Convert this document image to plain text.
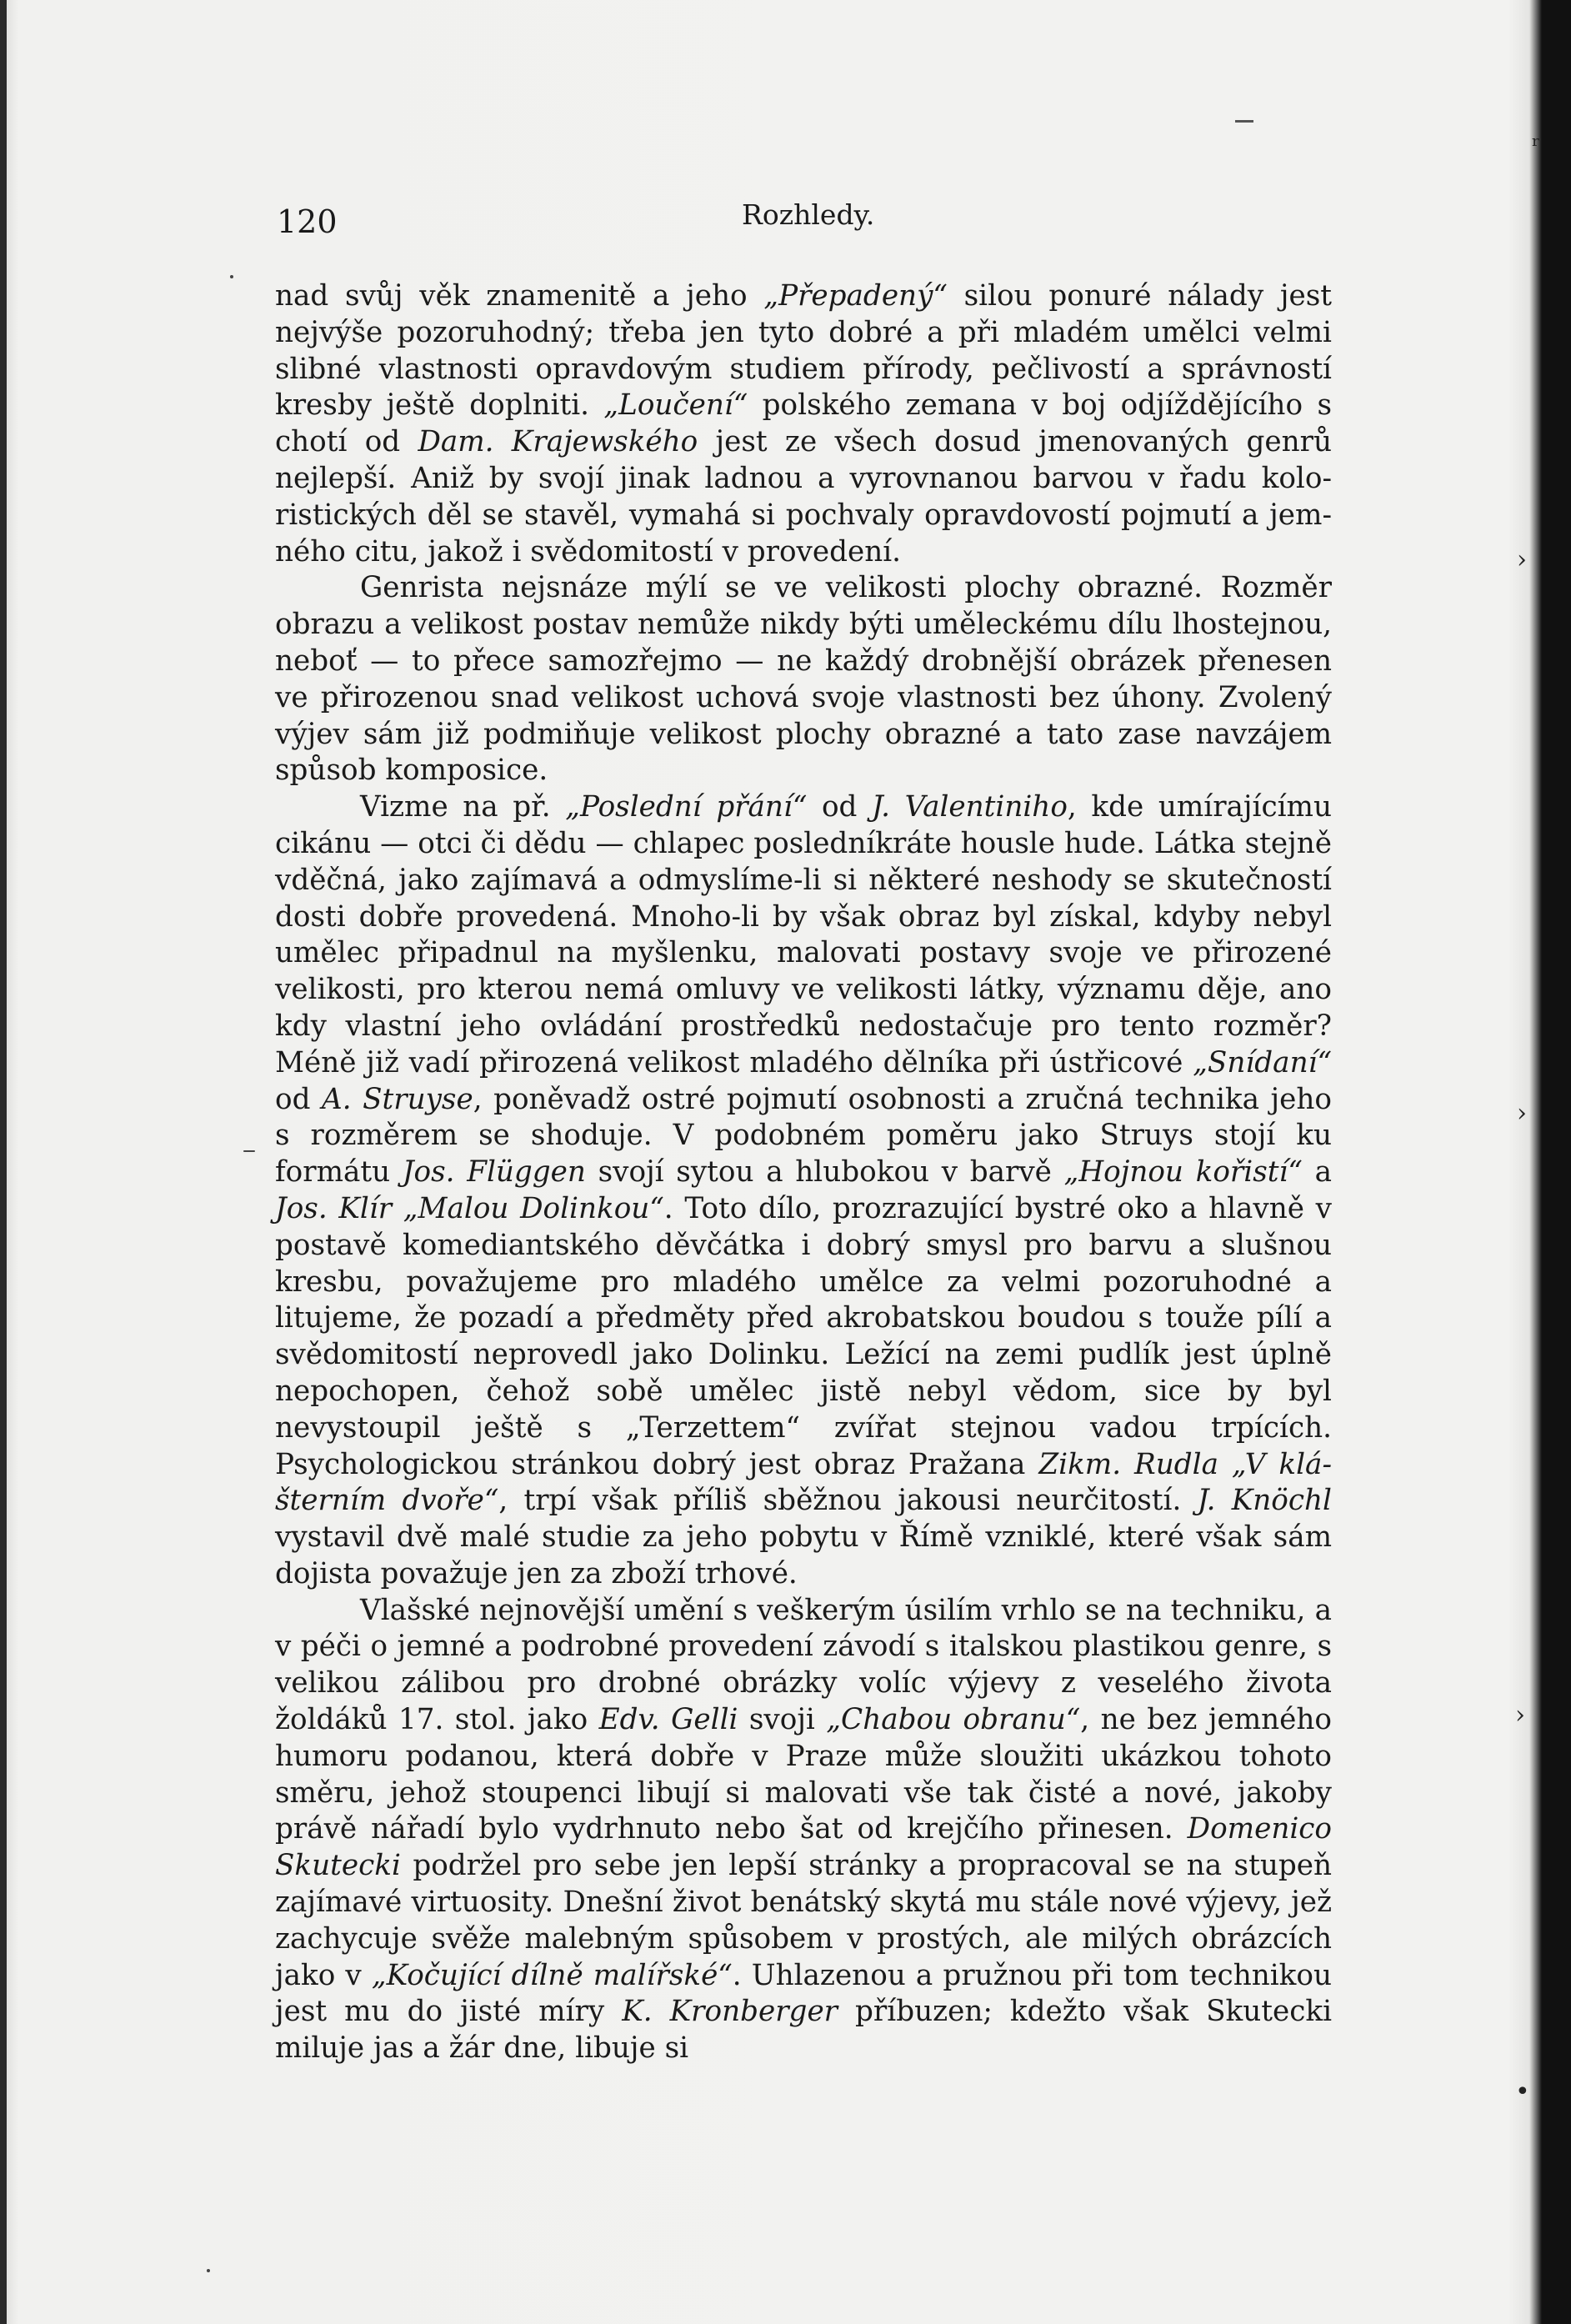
120	Rozhledy.

nad svůj věk znamenitě a jeho „Přepadený“ silou ponuré nálady jest nejvýše pozoruhodný; třeba jen tyto dobré a při mladém umělci velmi slibné vlastnosti opravdovým studiem přírody, pečlivostí a správností kresby ještě doplniti. „Loučení“ polského zemana v boj odjíždějícího s chotí od Dam. Krajewského jest ze všech dosud jmenovaných genrů nejlepší. Aniž by svojí jinak ladnou a vyrovnanou barvou v řadu koloristických děl se stavěl, vymahá si pochvaly opravdovostí pojmutí a jemného citu, jakož i svědomitostí v provedení.

Genrista nejsnáze mýlí se ve velikosti plochy obrazné. Rozměr obrazu a velikost postav nemůže nikdy býti uměleckému dílu lhostejnou, neboť — to přece samozřejmo — ne každý drobnější obrázek přenesen ve přirozenou snad velikost uchová svoje vlastnosti bez úhony. Zvolený výjev sám již podmiňuje velikost plochy obrazné a tato zase navzájem spůsob komposice.

Vizme na př. „Poslední přání“ od J. Valentiniho, kde umírajícímu cikánu — otci či dědu — chlapec posledníkráte housle hude. Látka stejně vděčná, jako zajímavá a odmyslíme-li si některé neshody se skutečností dosti dobře provedená. Mnoho-li by však obraz byl získal, kdyby nebyl umělec připadnul na myšlenku, malovati postavy svoje ve přirozené velikosti, pro kterou nemá omluvy ve velikosti látky, významu děje, ano kdy vlastní jeho ovládání prostředků nedostačuje pro tento rozměr? Méně již vadí přirozená velikost mladého dělníka při ústřicové „Snídaní“ od A. Struyse, poněvadž ostré pojmutí osobnosti a zručná technika jeho s rozměrem se shoduje. V podobném poměru jako Struys stojí ku formátu Jos. Flüggen svojí sytou a hlubokou v barvě „Hojnou kořistí“ a Jos. Klír „Malou Dolinkou“. Toto dílo, prozrazující bystré oko a hlavně v postavě komediantského děvčátka i dobrý smysl pro barvu a slušnou kresbu, považujeme pro mladého umělce za velmi pozoruhodné a litujeme, že pozadí a předměty před akrobatskou boudou s touže pílí a svědomitostí neprovedl jako Dolinku. Ležící na zemi pudlík jest úplně nepochopen, čehož sobě umělec jistě nebyl vědom, sice by byl nevystoupil ještě s „Terzettem“ zvířat stejnou vadou trpících. Psychologickou stránkou dobrý jest obraz Pražana Zikm. Rudla „V klášterním dvoře“, trpí však příliš sběžnou jakousi neurčitostí. J. Knöchl vystavil dvě malé studie za jeho pobytu v Římě vzniklé, které však sám dojista považuje jen za zboží trhové.

Vlašské nejnovější umění s veškerým úsilím vrhlo se na techniku, a v péči o jemné a podrobné provedení závodí s italskou plastikou genre, s velikou zálibou pro drobné obrázky volíc výjevy z veselého života žoldáků 17. stol. jako Edv. Gelli svoji „Chabou obranu“, ne bez jemného humoru podanou, která dobře v Praze může sloužiti ukázkou tohoto směru, jehož stoupenci libují si malovati vše tak čisté a nové, jakoby právě nářadí bylo vydrhnuto nebo šat od krejčího přinesen. Domenico Skutecki podržel pro sebe jen lepší stránky a propracoval se na stupeň zajímavé virtuosity. Dnešní život benátský skytá mu stále nové výjevy, jež zachycuje svěže malebným spůsobem v prostých, ale milých obrázcích jako v „Kočující dílně malířské“. Uhlazenou a pružnou při tom technikou jest mu do jisté míry K. Kronberger příbuzen; kdežto však Skutecki miluje jas a žár dne, libuje si

ʳ
›
›
›
•
